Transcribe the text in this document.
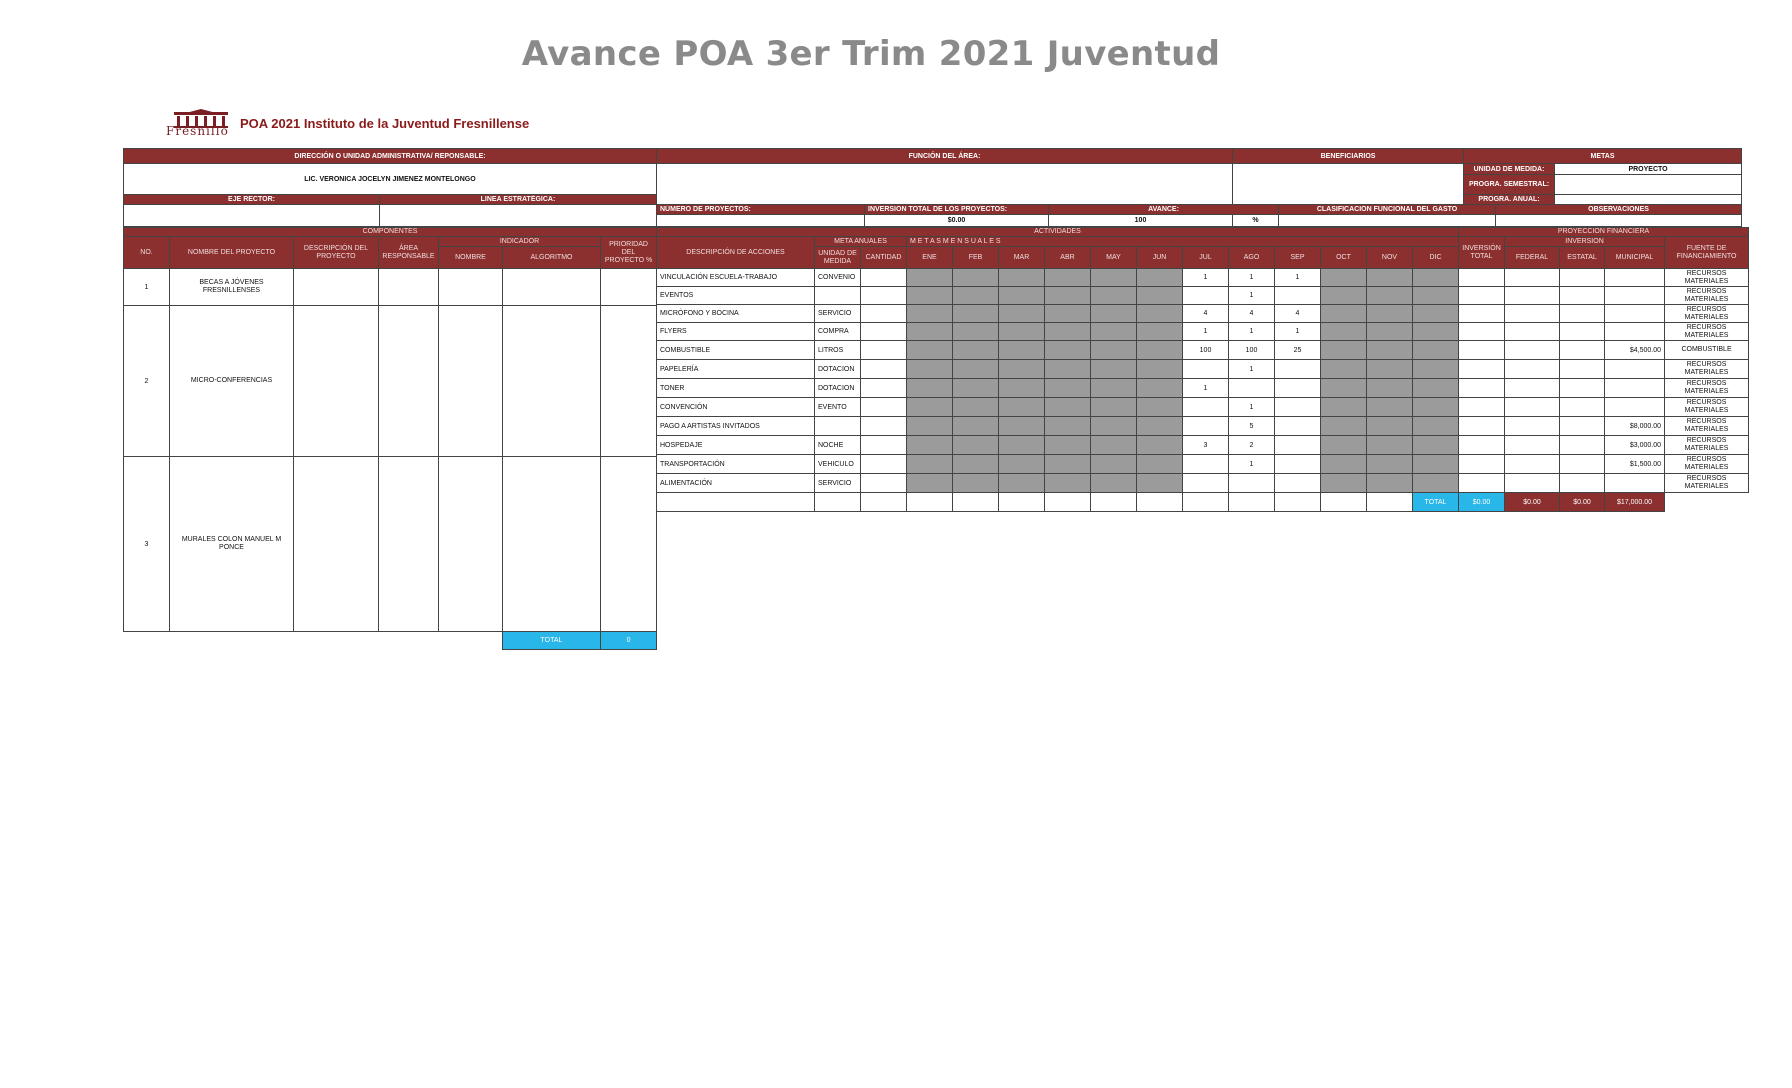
Avance POA 3er Trim 2021 Juventud
Fresnillo POA 2021 Instituto de la Juventud Fresnillense
DIRECCIÓN O UNIDAD ADMINISTRATIVA/ REPONSABLE:		FUNCIÓN DEL ÁREA:			BENEFICIARIOS		METAS		
LIC. VERONICA JOCELYN JIMENEZ MONTELONGO							UNIDAD DE MEDIDA:		PROYECTO
							PROGRA. SEMESTRAL:		
EJE RECTOR:	LINEA ESTRATÉGICA:						PROGRA. ANUAL:		
		NÚMERO DE PROYECTOS:	INVERSION TOTAL DE LOS PROYECTOS:	AVANCE:		CLASIFICACIÓN FUNCIONAL DEL GASTO		OBSERVACIONES	
			$0.00	100	%				
COMPONENTES						
NO.	NOMBRE DEL PROYECTO	DESCRIPCIÓN DEL PROYECTO	ÁREA RESPONSABLE	INDICADOR		PRIORIDAD DEL PROYECTO %
				NOMBRE	ALGORITMO	
1	BECAS A JÓVENES FRESNILLENSES					
2	MICRO-CONFERENCIAS					
3	MURALES COLON MANUEL M PONCE					
					TOTAL	0
ACTIVIDADES															PROYECCION FINANCIERA				
DESCRIPCIÓN DE ACCIONES	META ANUALES		M E T A S M E N S U A L E S												INVERSIÓN TOTAL	INVERSION			FUENTE DE FINANCIAMIENTO
	UNIDAD DE MEDIDA	CANTIDAD	ENE	FEB	MAR	ABR	MAY	JUN	JUL	AGO	SEP	OCT	NOV	DIC		FEDERAL	ESTATAL	MUNICIPAL	
VINCULACIÓN ESCUELA-TRABAJO	CONVENIO								1	1	1								RECURSOS MATERIALES
EVENTOS										1									RECURSOS MATERIALES
MICRÓFONO Y BOCINA	SERVICIO								4	4	4								RECURSOS MATERIALES
FLYERS	COMPRA								1	1	1								RECURSOS MATERIALES
COMBUSTIBLE	LITROS								100	100	25							$4,500.00	COMBUSTIBLE
PAPELERÍA	DOTACION									1									RECURSOS MATERIALES
TONER	DOTACION								1										RECURSOS MATERIALES
CONVENCIÓN	EVENTO									1									RECURSOS MATERIALES
PAGO A ARTISTAS INVITADOS										5								$8,000.00	RECURSOS MATERIALES
HOSPEDAJE	NOCHE								3	2								$3,000.00	RECURSOS MATERIALES
TRANSPORTACIÓN	VEHICULO									1								$1,500.00	RECURSOS MATERIALES
ALIMENTACIÓN	SERVICIO																		RECURSOS MATERIALES
														TOTAL	$0.00	$0.00	$0.00	$17,000.00	
